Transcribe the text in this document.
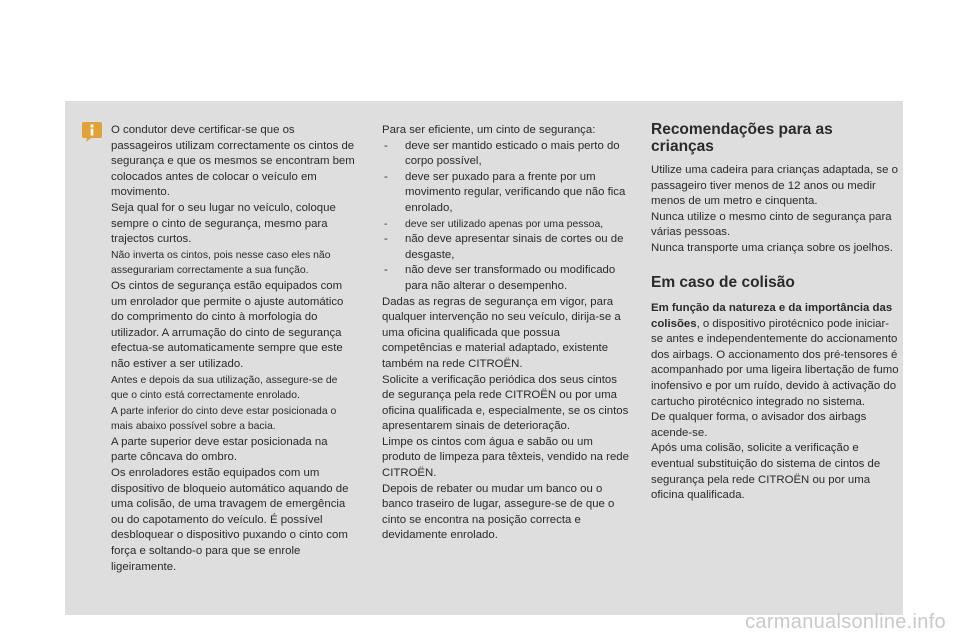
O condutor deve certificar-se que os passageiros utilizam correctamente os cintos de segurança e que os mesmos se encontram bem colocados antes de colocar o veículo em movimento.

Seja qual for o seu lugar no veículo, coloque sempre o cinto de segurança, mesmo para trajectos curtos.

Não inverta os cintos, pois nesse caso eles não assegurariam correctamente a sua função.

Os cintos de segurança estão equipados com um enrolador que permite o ajuste automático do comprimento do cinto à morfologia do utilizador. A arrumação do cinto de segurança efectua-se automaticamente sempre que este não estiver a ser utilizado.

Antes e depois da sua utilização, assegure-se de que o cinto está correctamente enrolado.

A parte inferior do cinto deve estar posicionada o mais abaixo possível sobre a bacia.

A parte superior deve estar posicionada na parte côncava do ombro.

Os enroladores estão equipados com um dispositivo de bloqueio automático aquando de uma colisão, de uma travagem de emergência ou do capotamento do veículo. É possível desbloquear o dispositivo puxando o cinto com força e soltando-o para que se enrole ligeiramente.

Para ser eficiente, um cinto de segurança:

- deve ser mantido esticado o mais perto do corpo possível,

- deve ser puxado para a frente por um movimento regular, verificando que não fica enrolado,

- deve ser utilizado apenas por uma pessoa,

- não deve apresentar sinais de cortes ou de desgaste,

- não deve ser transformado ou modificado para não alterar o desempenho.

Dadas as regras de segurança em vigor, para qualquer intervenção no seu veículo, dirija-se a uma oficina qualificada que possua competências e material adaptado, existente também na rede CITROËN.

Solicite a verificação periódica dos seus cintos de segurança pela rede CITROËN ou por uma oficina qualificada e, especialmente, se os cintos apresentarem sinais de deterioração.

Limpe os cintos com água e sabão ou um produto de limpeza para têxteis, vendido na rede CITROËN.

Depois de rebater ou mudar um banco ou o banco traseiro de lugar, assegure-se de que o cinto se encontra na posição correcta e devidamente enrolado.

Recomendações para as crianças

Utilize uma cadeira para crianças adaptada, se o passageiro tiver menos de 12 anos ou medir menos de um metro e cinquenta.

Nunca utilize o mesmo cinto de segurança para várias pessoas.

Nunca transporte uma criança sobre os joelhos.

Em caso de colisão

Em função da natureza e da importância das colisões, o dispositivo pirotécnico pode iniciar-se antes e independentemente do accionamento dos airbags. O accionamento dos pré-tensores é acompanhado por uma ligeira libertação de fumo inofensivo e por um ruído, devido à activação do cartucho pirotécnico integrado no sistema.

De qualquer forma, o avisador dos airbags acende-se.

Após uma colisão, solicite a verificação e eventual substituição do sistema de cintos de segurança pela rede CITROËN ou por uma oficina qualificada.

carmanualsonline.info
